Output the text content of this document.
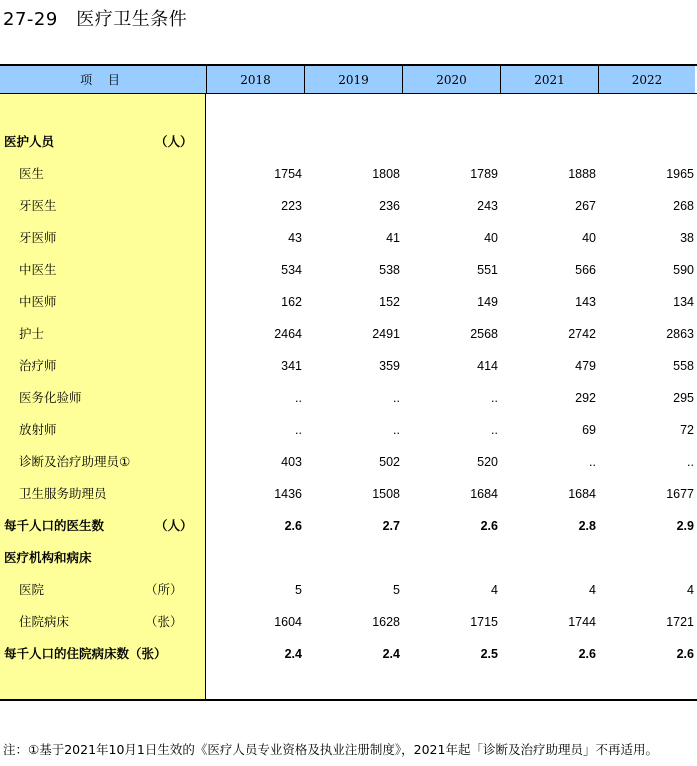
27-29　医疗卫生条件
项 目	2018	2019	2020	2021	2022
医护人员	（人）
医生	1754	1808	1789	1888	1965
牙医生	223	236	243	267	268
牙医师	43	41	40	40	38
中医生	534	538	551	566	590
中医师	162	152	149	143	134
护士	2464	2491	2568	2742	2863
治疗师	341	359	414	479	558
医务化验师	..	..	..	292	295
放射师	..	..	..	69	72
诊断及治疗助理员①	403	502	520	..	..
卫生服务助理员	1436	1508	1684	1684	1677
每千人口的医生数	（人）	2.6	2.7	2.6	2.8	2.9
医疗机构和病床
医院	（所）	5	5	4	4	4
住院病床	（张）	1604	1628	1715	1744	1721
每千人口的住院病床数（张）	2.4	2.4	2.5	2.6	2.6
注：①基于2021年10月1日生效的《医疗人员专业资格及执业注册制度》，2021年起「诊断及治疗助理员」不再适用。
